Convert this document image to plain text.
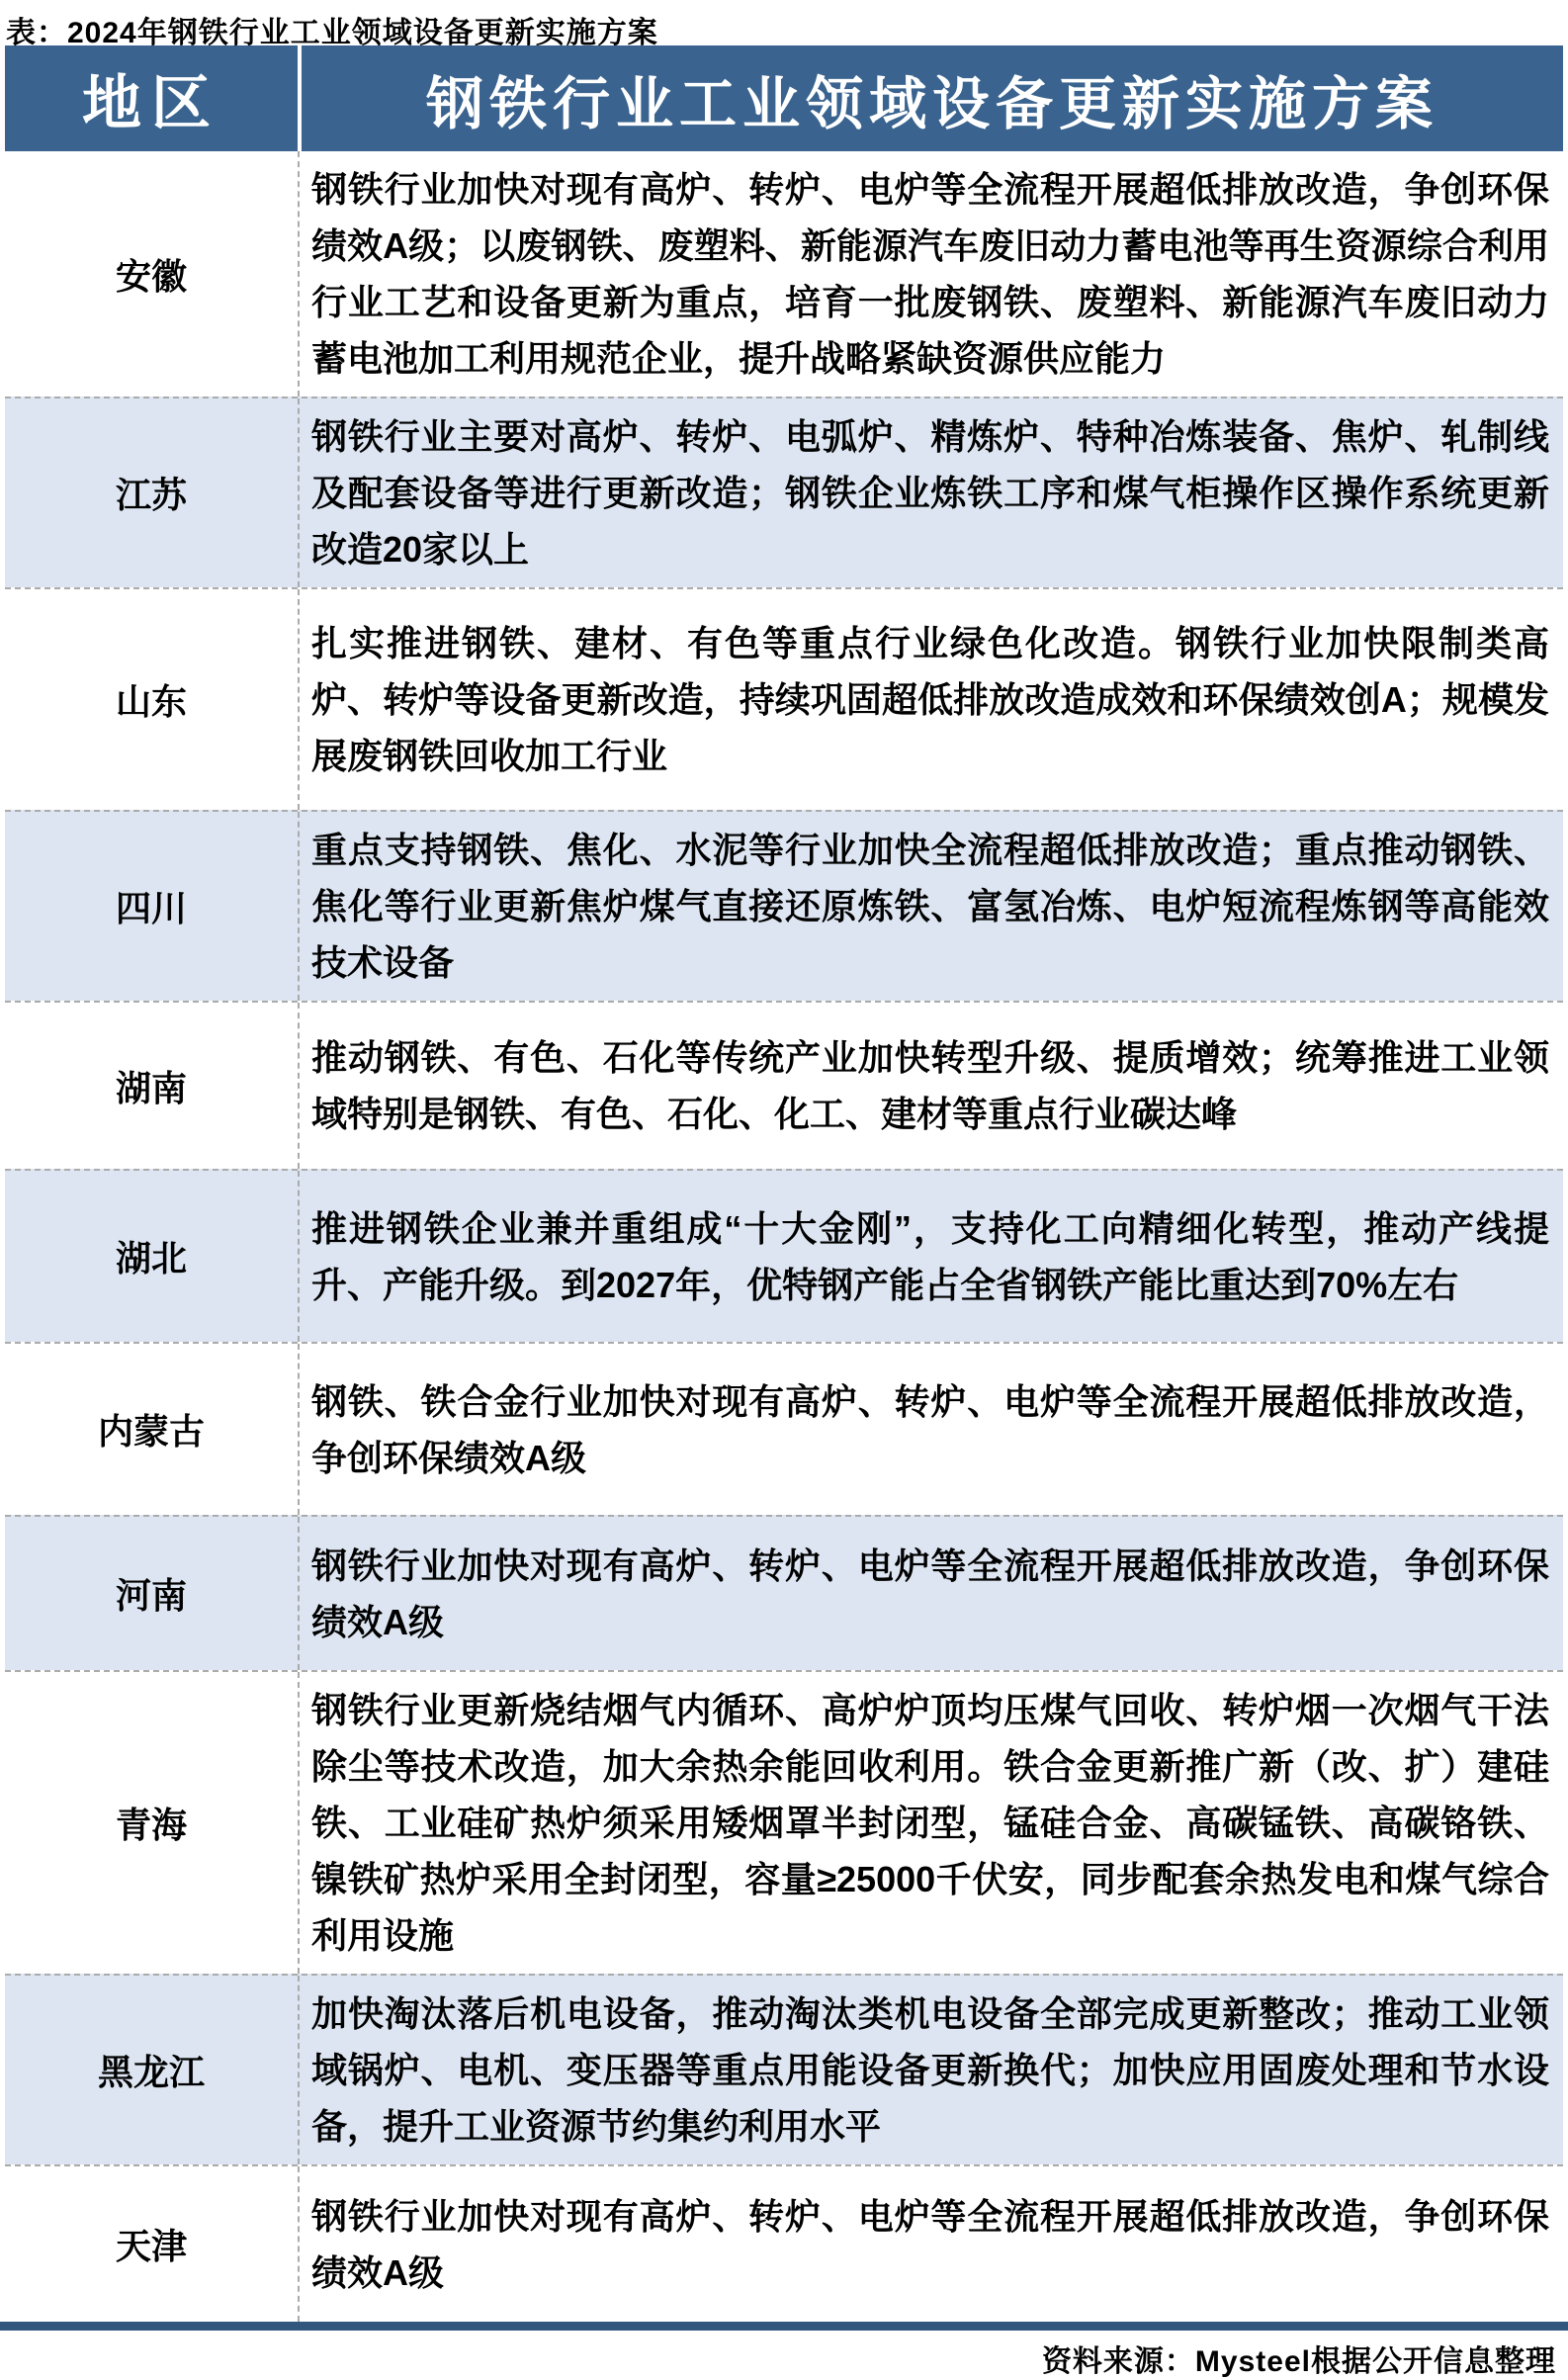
表：2024年钢铁行业工业领域设备更新实施方案
地区	钢铁行业工业领域设备更新实施方案
安徽
钢铁行业加快对现有高炉、转炉、电炉等全流程开展超低排放改造，争创环保绩效A级；以废钢铁、废塑料、新能源汽车废旧动力蓄电池等再生资源综合利用行业工艺和设备更新为重点，培育一批废钢铁、废塑料、新能源汽车废旧动力蓄电池加工利用规范企业，提升战略紧缺资源供应能力
江苏
钢铁行业主要对高炉、转炉、电弧炉、精炼炉、特种冶炼装备、焦炉、轧制线及配套设备等进行更新改造；钢铁企业炼铁工序和煤气柜操作区操作系统更新改造20家以上
山东
扎实推进钢铁、建材、有色等重点行业绿色化改造。钢铁行业加快限制类高炉、转炉等设备更新改造，持续巩固超低排放改造成效和环保绩效创A；规模发展废钢铁回收加工行业
四川
重点支持钢铁、焦化、水泥等行业加快全流程超低排放改造；重点推动钢铁、焦化等行业更新焦炉煤气直接还原炼铁、富氢冶炼、电炉短流程炼钢等高能效技术设备
湖南
推动钢铁、有色、石化等传统产业加快转型升级、提质增效；统筹推进工业领域特别是钢铁、有色、石化、化工、建材等重点行业碳达峰
湖北
推进钢铁企业兼并重组成“十大金刚”，支持化工向精细化转型，推动产线提升、产能升级。到2027年，优特钢产能占全省钢铁产能比重达到70%左右
内蒙古
钢铁、铁合金行业加快对现有高炉、转炉、电炉等全流程开展超低排放改造，争创环保绩效A级
河南
钢铁行业加快对现有高炉、转炉、电炉等全流程开展超低排放改造，争创环保绩效A级
青海
钢铁行业更新烧结烟气内循环、高炉炉顶均压煤气回收、转炉烟一次烟气干法除尘等技术改造，加大余热余能回收利用。铁合金更新推广新（改、扩）建硅铁、工业硅矿热炉须采用矮烟罩半封闭型，锰硅合金、高碳锰铁、高碳铬铁、镍铁矿热炉采用全封闭型，容量≥25000千伏安，同步配套余热发电和煤气综合利用设施
黑龙江
加快淘汰落后机电设备，推动淘汰类机电设备全部完成更新整改；推动工业领域锅炉、电机、变压器等重点用能设备更新换代；加快应用固废处理和节水设备，提升工业资源节约集约利用水平
天津
钢铁行业加快对现有高炉、转炉、电炉等全流程开展超低排放改造，争创环保绩效A级
资料来源：Mysteel根据公开信息整理
